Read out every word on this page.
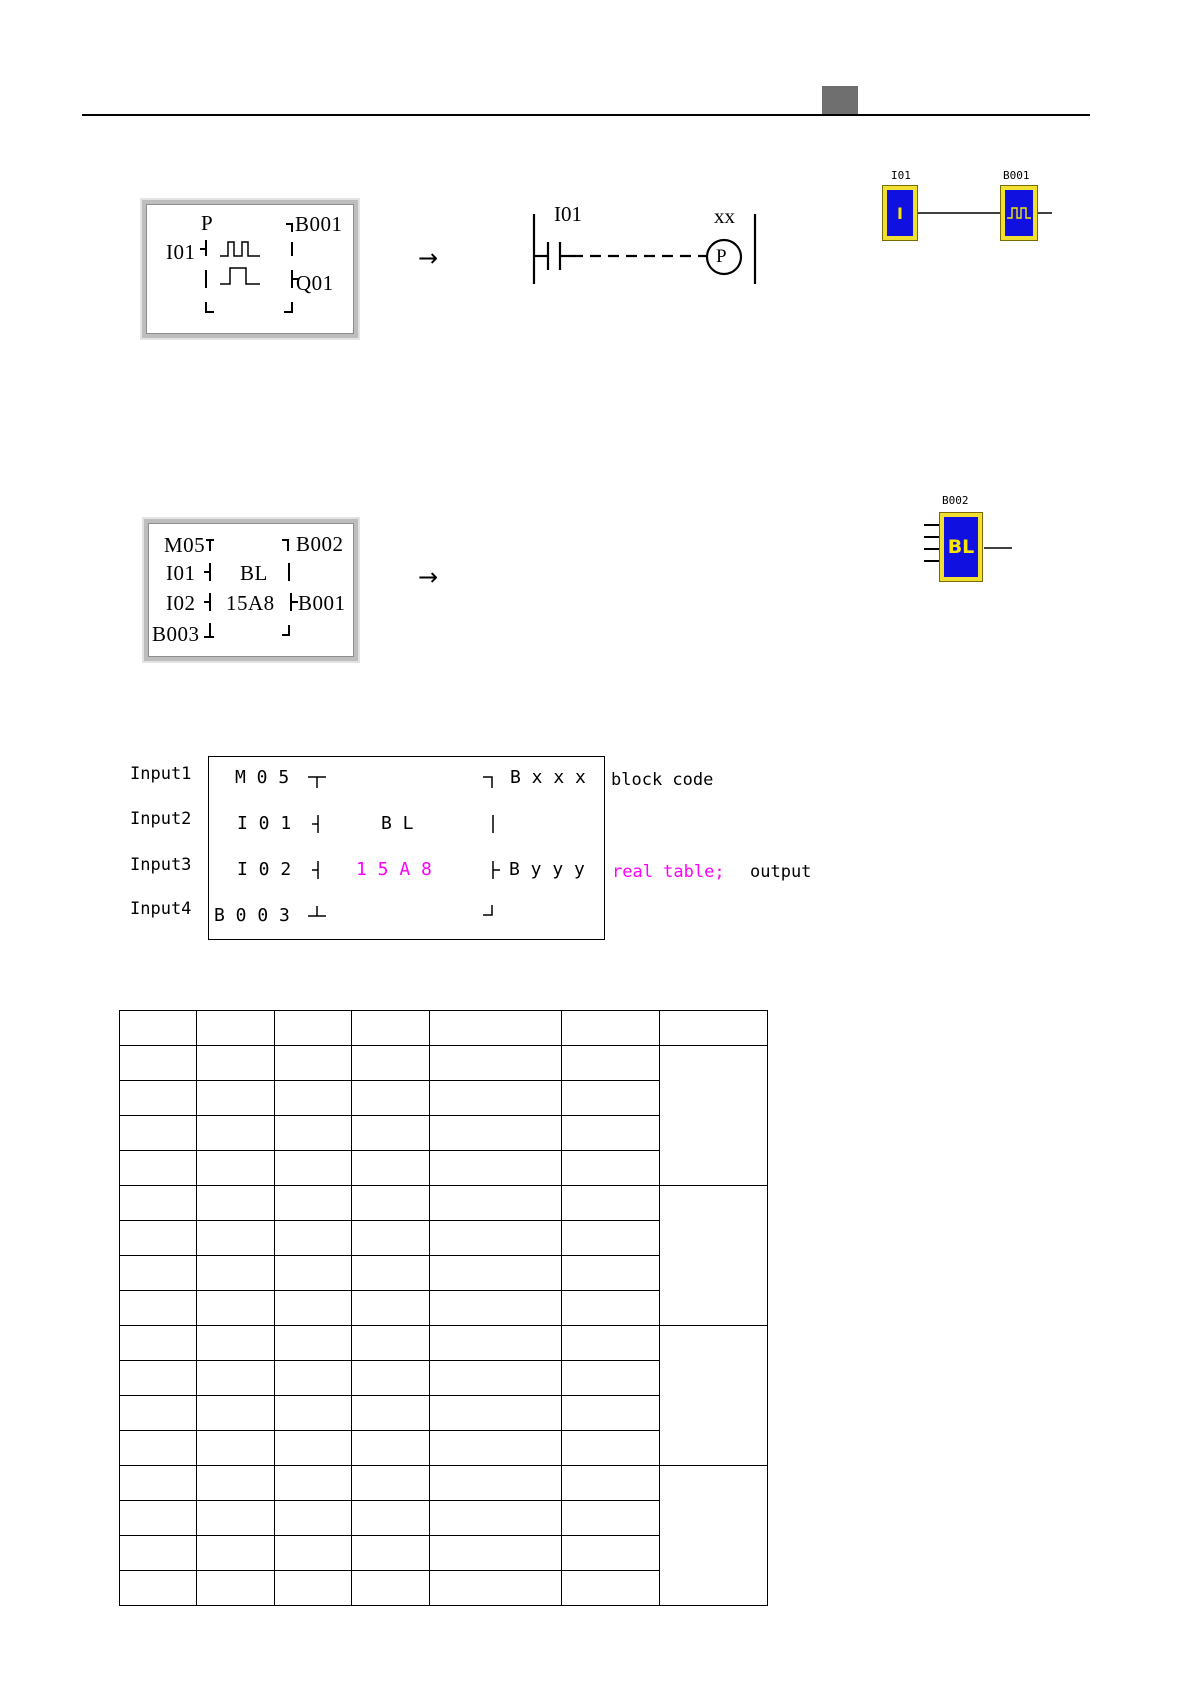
P	B001
I01
Q01
→
I01	xx
P
I01	B001
I
M05	B002
I01 BL
I02 15A8 B001
B003
→
B002
BL
Input1
Input2
Input3
Input4
M 0 5	B x x x block code
I 0 1	B L
I 0 2	1 5 A 8	B y y y real table; output
B 0 0 3
